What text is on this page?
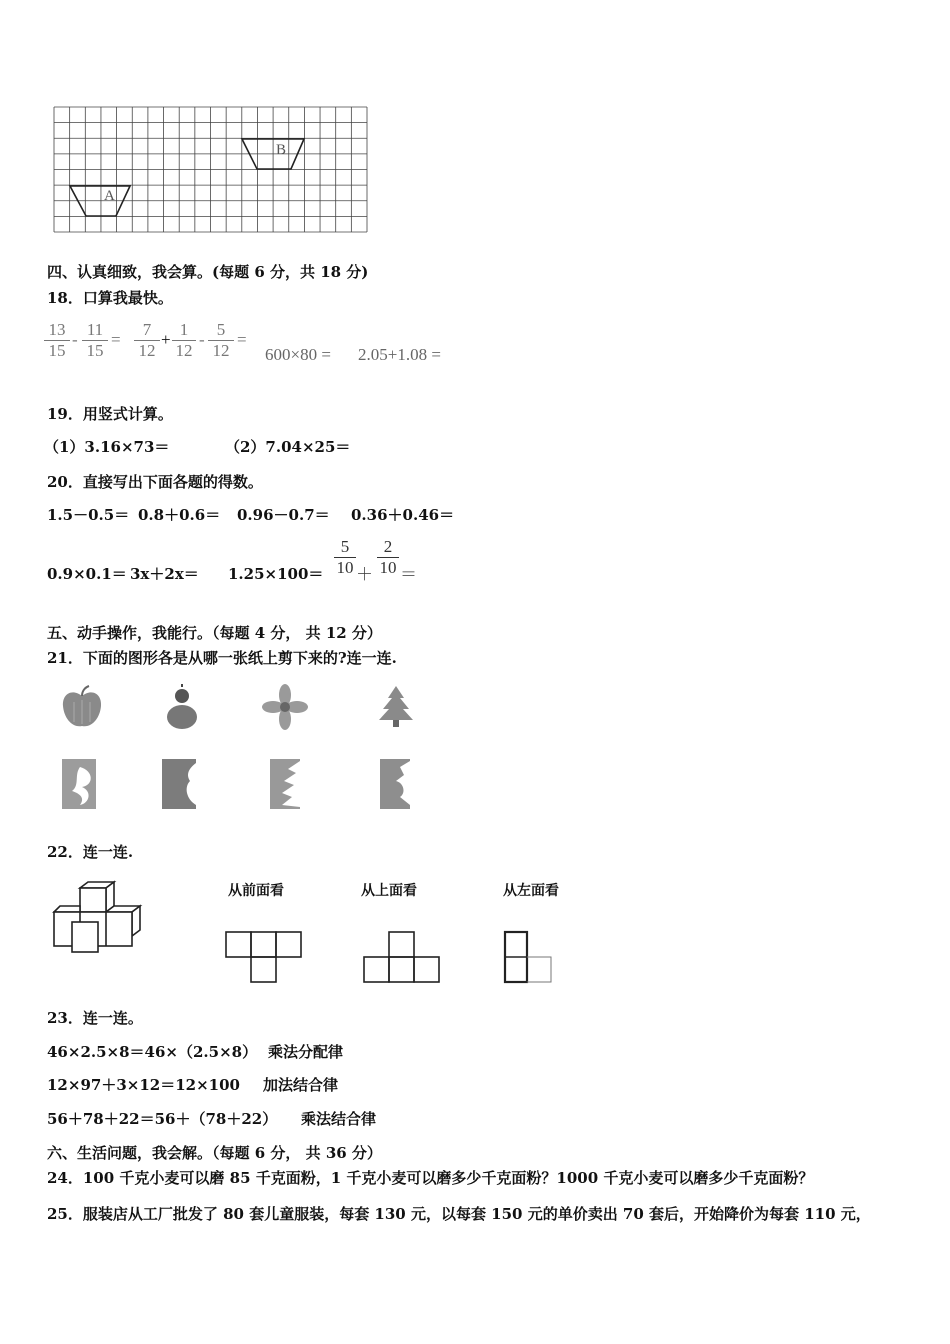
A
B
四、认真细致，我会算。(每题 6 分，共 18 分)
18．口算我最快。
$\frac{13}{15} - \frac{11}{15} = \frac{7}{12} + \frac{1}{12} - \frac{5}{12}$ =
600×80 = 2.05+1.08 =
19．用竖式计算。
（1）3.16×73＝	（2）7.04×25＝
20．直接写出下面各题的得数。
1.5－0.5＝ 0.8＋0.6＝ 0.96－0.7＝ 0.36＋0.46＝
$0.9\times 0.1= 3x+2x= 1.25\times 100= \frac{5}{10} + \frac{2}{10}$ ＝
五、动手操作，我能行。（每题 4 分， 共 12 分）
21．下面的图形各是从哪一张纸上剪下来的?连一连.
22．连一连.
从前面看	从上面看	从左面看
23．连一连。
46×2.5×8＝46×（2.5×8） 乘法分配律
12×97＋3×12＝12×100 加法结合律
56＋78＋22＝56＋（78＋22） 乘法结合律
六、生活问题，我会解。（每题 6 分， 共 36 分）
24．100 千克小麦可以磨 85 千克面粉，1 千克小麦可以磨多少千克面粉？1000 千克小麦可以磨多少千克面粉？
25．服装店从工厂批发了 80 套儿童服装，每套 130 元，以每套 150 元的单价卖出 70 套后，开始降价为每套 110 元，
